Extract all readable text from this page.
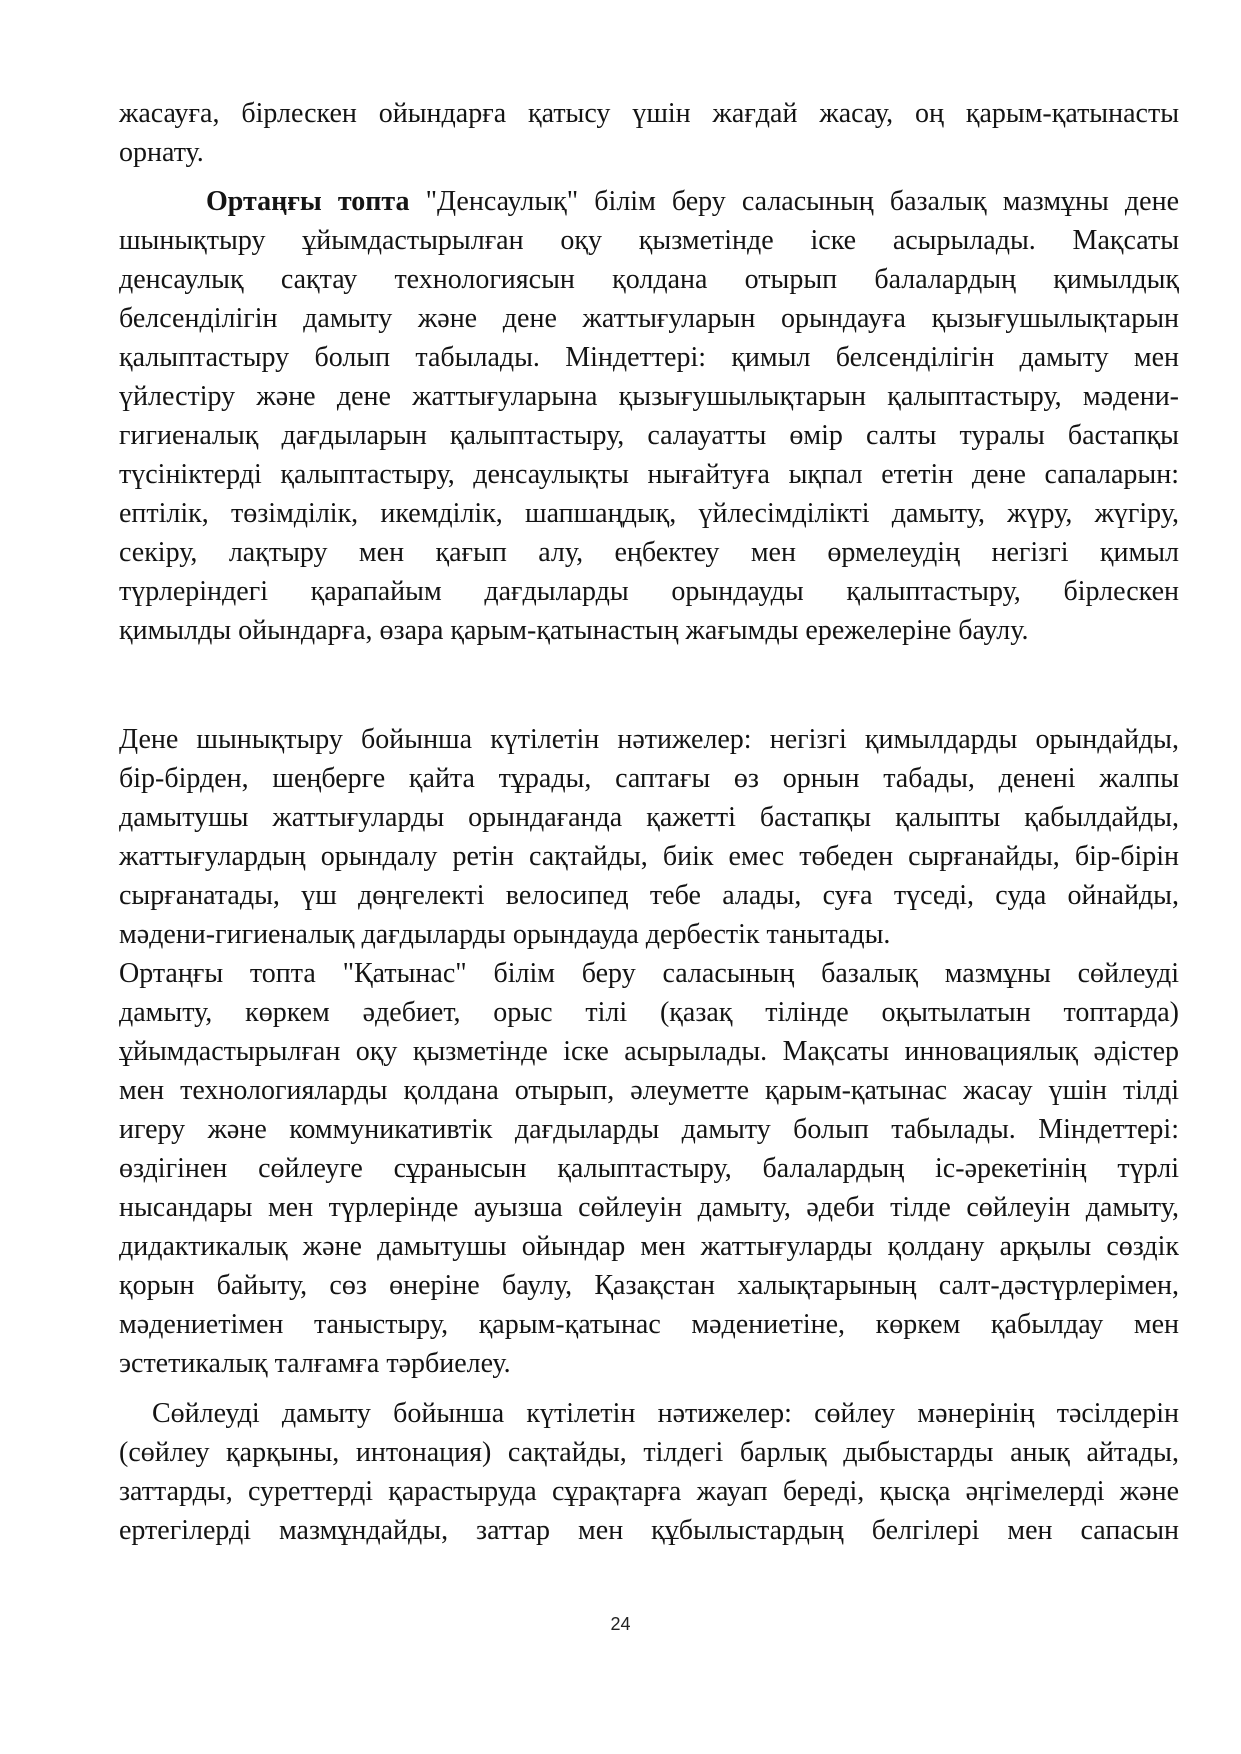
жасауға, бірлескен ойындарға қатысу үшін жағдай жасау, оң қарым-қатынасты
орнату.
Ортаңғы топта "Денсаулық" білім беру саласының базалық мазмұны дене
шынықтыру ұйымдастырылған оқу қызметінде іске асырылады. Мақсаты
денсаулық сақтау технологиясын қолдана отырып балалардың қимылдық
белсенділігін дамыту және дене жаттығуларын орындауға қызығушылықтарын
қалыптастыру болып табылады. Міндеттері: қимыл белсенділігін дамыту мен
үйлестіру және дене жаттығуларына қызығушылықтарын қалыптастыру, мәдени-
гигиеналық дағдыларын қалыптастыру, салауатты өмір салты туралы бастапқы
түсініктерді қалыптастыру, денсаулықты нығайтуға ықпал ететін дене сапаларын:
ептілік, төзімділік, икемділік, шапшаңдық, үйлесімділікті дамыту, жүру, жүгіру,
секіру, лақтыру мен қағып алу, еңбектеу мен өрмелеудің негізгі қимыл
түрлеріндегі қарапайым дағдыларды орындауды қалыптастыру, бірлескен
қимылды ойындарға, өзара қарым-қатынастың жағымды ережелеріне баулу.
Дене шынықтыру бойынша күтілетін нәтижелер: негізгі қимылдарды орындайды,
бір-бірден, шеңберге қайта тұрады, саптағы өз орнын табады, денені жалпы
дамытушы жаттығуларды орындағанда қажетті бастапқы қалыпты қабылдайды,
жаттығулардың орындалу ретін сақтайды, биік емес төбеден сырғанайды, бір-бірін
сырғанатады, үш дөңгелекті велосипед тебе алады, суға түседі, суда ойнайды,
мәдени-гигиеналық дағдыларды орындауда дербестік танытады.
Ортаңғы топта "Қатынас" білім беру саласының базалық мазмұны сөйлеуді
дамыту, көркем әдебиет, орыс тілі (қазақ тілінде оқытылатын топтарда)
ұйымдастырылған оқу қызметінде іске асырылады. Мақсаты инновациялық әдістер
мен технологияларды қолдана отырып, әлеуметте қарым-қатынас жасау үшін тілді
игеру және коммуникативтік дағдыларды дамыту болып табылады. Міндеттері:
өздігінен сөйлеуге сұранысын қалыптастыру, балалардың іс-әрекетінің түрлі
нысандары мен түрлерінде ауызша сөйлеуін дамыту, әдеби тілде сөйлеуін дамыту,
дидактикалық және дамытушы ойындар мен жаттығуларды қолдану арқылы сөздік
қорын байыту, сөз өнеріне баулу, Қазақстан халықтарының салт-дәстүрлерімен,
мәдениетімен таныстыру, қарым-қатынас мәдениетіне, көркем қабылдау мен
эстетикалық талғамға тәрбиелеу.
Сөйлеуді дамыту бойынша күтілетін нәтижелер: сөйлеу мәнерінің тәсілдерін
(сөйлеу қарқыны, интонация) сақтайды, тілдегі барлық дыбыстарды анық айтады,
заттарды, суреттерді қарастыруда сұрақтарға жауап береді, қысқа әңгімелерді және
ертегілерді мазмұндайды, заттар мен құбылыстардың белгілері мен сапасын
24
